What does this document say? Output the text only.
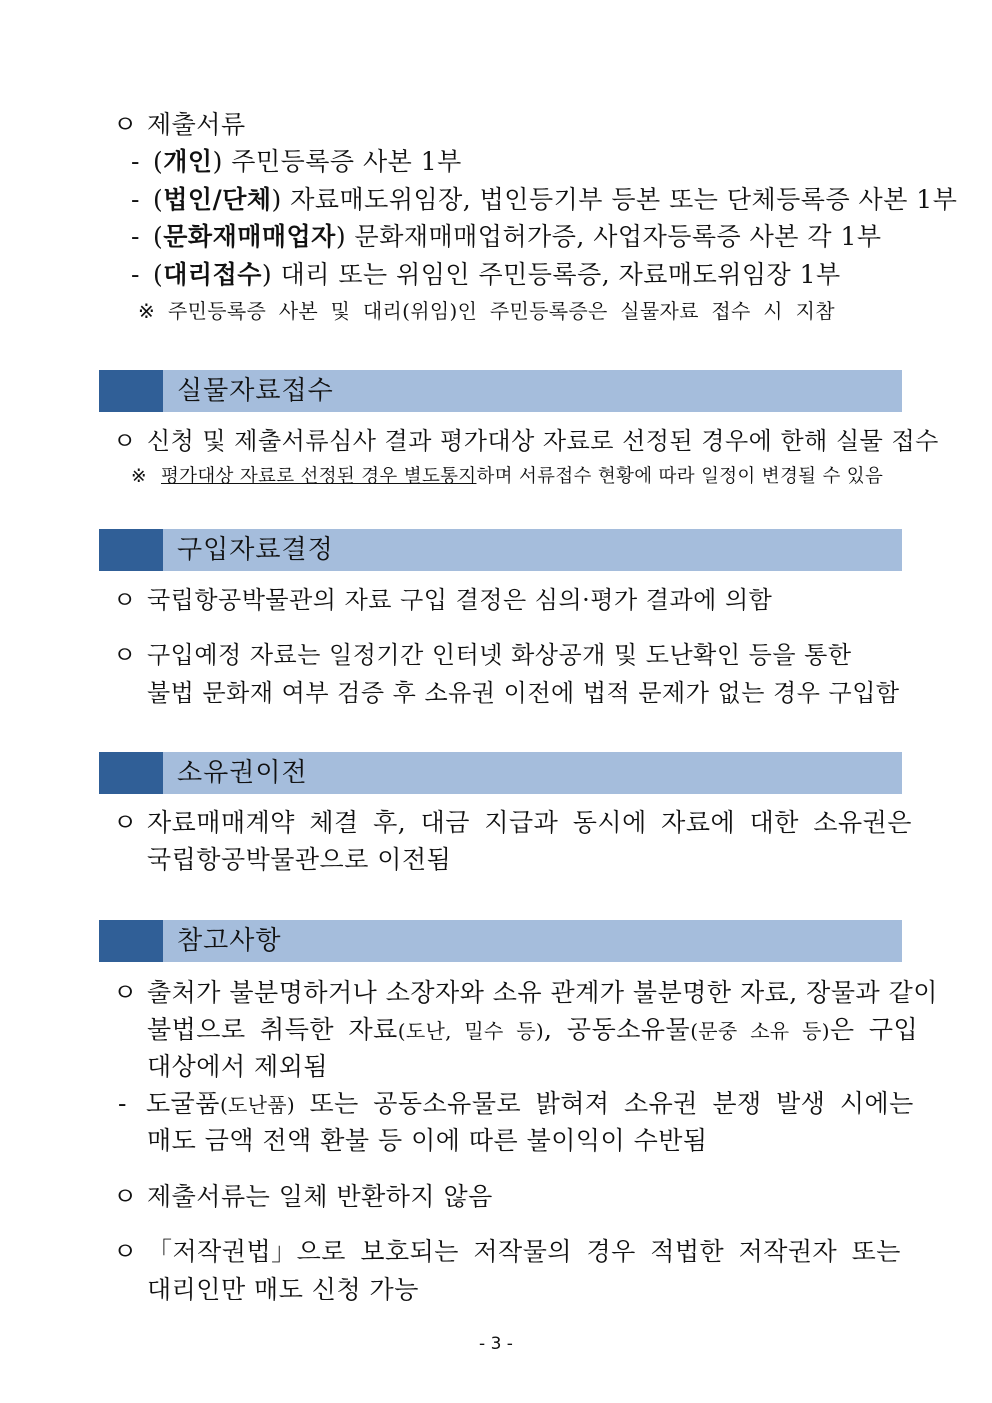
ㅇ 제출서류
- (개인) 주민등록증 사본 1부
- (법인/단체) 자료매도위임장, 법인등기부 등본 또는 단체등록증 사본 1부
- (문화재매매업자) 문화재매매업허가증, 사업자등록증 사본 각 1부
- (대리접수) 대리 또는 위임인 주민등록증, 자료매도위임장 1부
※ 주민등록증 사본 및 대리(위임)인 주민등록증은 실물자료 접수 시 지참
실물자료접수
ㅇ 신청 및 제출서류심사 결과 평가대상 자료로 선정된 경우에 한해 실물 접수
※ 평가대상 자료로 선정된 경우 별도통지하며 서류접수 현황에 따라 일정이 변경될 수 있음
구입자료결정
ㅇ 국립항공박물관의 자료 구입 결정은 심의·평가 결과에 의함
ㅇ 구입예정 자료는 일정기간 인터넷 화상공개 및 도난확인 등을 통한
불법 문화재 여부 검증 후 소유권 이전에 법적 문제가 없는 경우 구입함
소유권이전
ㅇ 자료매매계약 체결 후, 대금 지급과 동시에 자료에 대한 소유권은
국립항공박물관으로 이전됨
참고사항
ㅇ 출처가 불분명하거나 소장자와 소유 관계가 불분명한 자료, 장물과 같이
불법으로 취득한 자료(도난, 밀수 등), 공동소유물(문중 소유 등)은 구입
대상에서 제외됨
- 도굴품(도난품) 또는 공동소유물로 밝혀져 소유권 분쟁 발생 시에는
매도 금액 전액 환불 등 이에 따른 불이익이 수반됨
ㅇ 제출서류는 일체 반환하지 않음
ㅇ 「저작권법」으로 보호되는 저작물의 경우 적법한 저작권자 또는
대리인만 매도 신청 가능
- 3 -
